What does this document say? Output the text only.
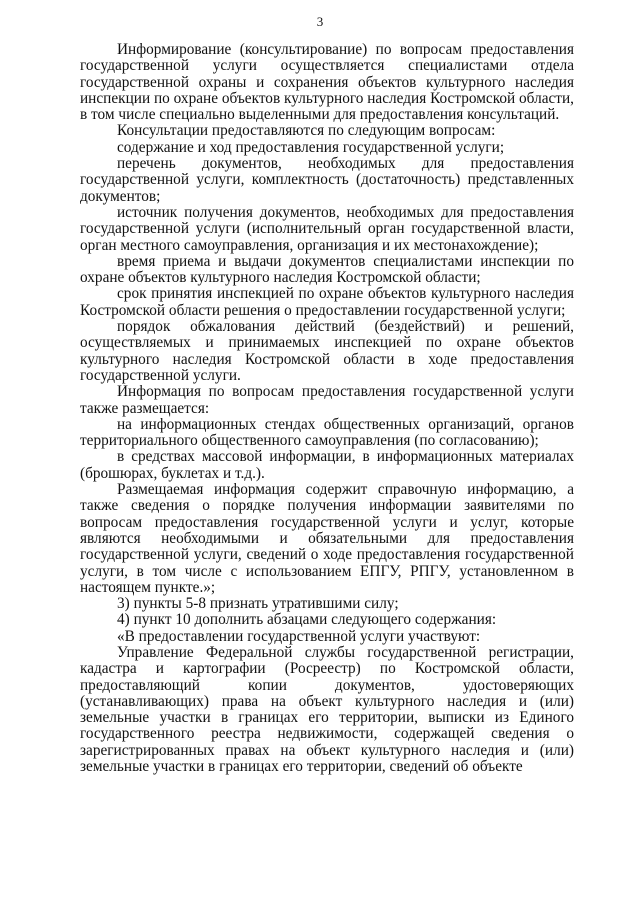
3

Информирование (консультирование) по вопросам предоставления государственной услуги осуществляется специалистами отдела государственной охраны и сохранения объектов культурного наследия инспекции по охране объектов культурного наследия Костромской области, в том числе специально выделенными для предоставления консультаций.

Консультации предоставляются по следующим вопросам:

содержание и ход предоставления государственной услуги;

перечень документов, необходимых для предоставления государственной услуги, комплектность (достаточность) представленных документов;

источник получения документов, необходимых для предоставления государственной услуги (исполнительный орган государственной власти, орган местного самоуправления, организация и их местонахождение);

время приема и выдачи документов специалистами инспекции по охране объектов культурного наследия Костромской области;

срок принятия инспекцией по охране объектов культурного наследия Костромской области решения о предоставлении государственной услуги;

порядок обжалования действий (бездействий) и решений, осуществляемых и принимаемых инспекцией по охране объектов культурного наследия Костромской области в ходе предоставления государственной услуги.

Информация по вопросам предоставления государственной услуги также размещается:

на информационных стендах общественных организаций, органов территориального общественного самоуправления (по согласованию);

в средствах массовой информации, в информационных материалах (брошюрах, буклетах и т.д.).

Размещаемая информация содержит справочную информацию, а также сведения о порядке получения информации заявителями по вопросам предоставления государственной услуги и услуг, которые являются необходимыми и обязательными для предоставления государственной услуги, сведений о ходе предоставления государственной услуги, в том числе с использованием ЕПГУ, РПГУ, установленном в настоящем пункте.»;

3) пункты 5-8 признать утратившими силу;

4) пункт 10 дополнить абзацами следующего содержания:

«В предоставлении государственной услуги участвуют:

Управление Федеральной службы государственной регистрации, кадастра и картографии (Росреестр) по Костромской области, предоставляющий копии документов, удостоверяющих (устанавливающих) права на объект культурного наследия и (или) земельные участки в границах его территории, выписки из Единого государственного реестра недвижимости, содержащей сведения о зарегистрированных правах на объект культурного наследия и (или) земельные участки в границах его территории, сведений об объекте
